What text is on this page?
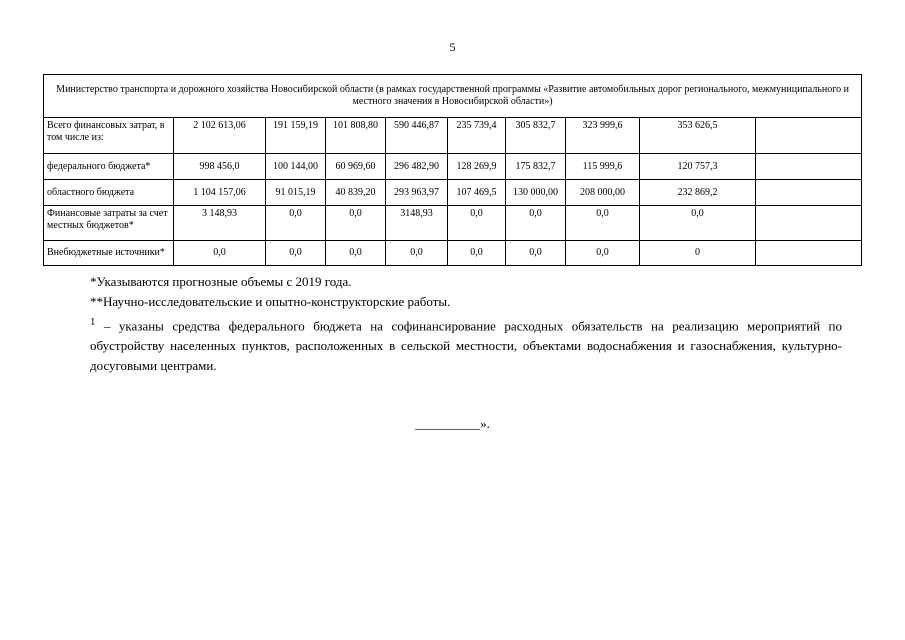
5
Министерство транспорта и дорожного хозяйства Новосибирской области (в рамках государственной программы «Развитие автомобильных дорог регионального, межмуниципального и местного значения в Новосибирской области»)									
Всего финансовых затрат, в том числе из:	2 102 613,06	191 159,19	101 808,80	590 446,87	235 739,4	305 832,7	323 999,6	353 626,5	
федерального бюджета*	998 456,0	100 144,00	60 969,60	296 482,90	128 269,9	175 832,7	115 999,6	120 757,3	
областного бюджета	1 104 157,06	91 015,19	40 839,20	293 963,97	107 469,5	130 000,00	208 000,00	232 869,2	
Финансовые затраты за счет местных бюджетов*	3 148,93	0,0	0,0	3148,93	0,0	0,0	0,0	0,0	
Внебюджетные источники*	0,0	0,0	0,0	0,0	0,0	0,0	0,0	0	

*Указываются прогнозные объемы с 2019 года.

**Научно-исследовательские и опытно-конструкторские работы.

$^1$ – указаны средства федерального бюджета на софинансирование расходных обязательств на реализацию мероприятий по обустройству населенных пунктов, расположенных в сельской местности, объектами водоснабжения и газоснабжения, культурно-досуговыми центрами.

__________».
